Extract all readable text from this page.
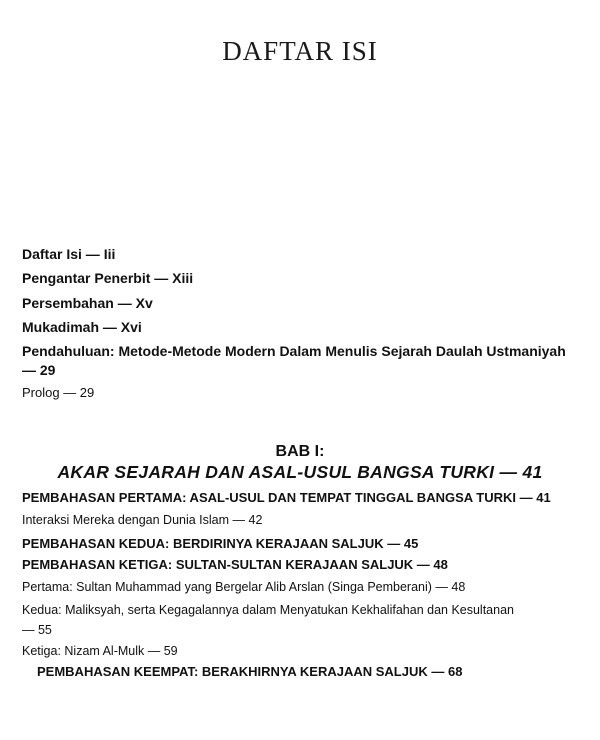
DAFTAR ISI
Daftar Isi — Iii
Pengantar Penerbit — Xiii
Persembahan — Xv
Mukadimah — Xvi
Pendahuluan: Metode-Metode Modern Dalam Menulis Sejarah Daulah Ustmaniyah
— 29
Prolog — 29
BAB I:
AKAR SEJARAH DAN ASAL-USUL BANGSA TURKI — 41
PEMBAHASAN PERTAMA: ASAL-USUL DAN TEMPAT TINGGAL BANGSA TURKI — 41
Interaksi Mereka dengan Dunia Islam — 42
PEMBAHASAN KEDUA: BERDIRINYA KERAJAAN SALJUK — 45
PEMBAHASAN KETIGA: SULTAN-SULTAN KERAJAAN SALJUK — 48
Pertama: Sultan Muhammad yang Bergelar Alib Arslan (Singa Pemberani) — 48
Kedua: Maliksyah, serta Kegagalannya dalam Menyatukan Kekhalifahan dan Kesultanan
— 55
Ketiga: Nizam Al-Mulk — 59
PEMBAHASAN KEEMPAT: BERAKHIRNYA KERAJAAN SALJUK — 68
